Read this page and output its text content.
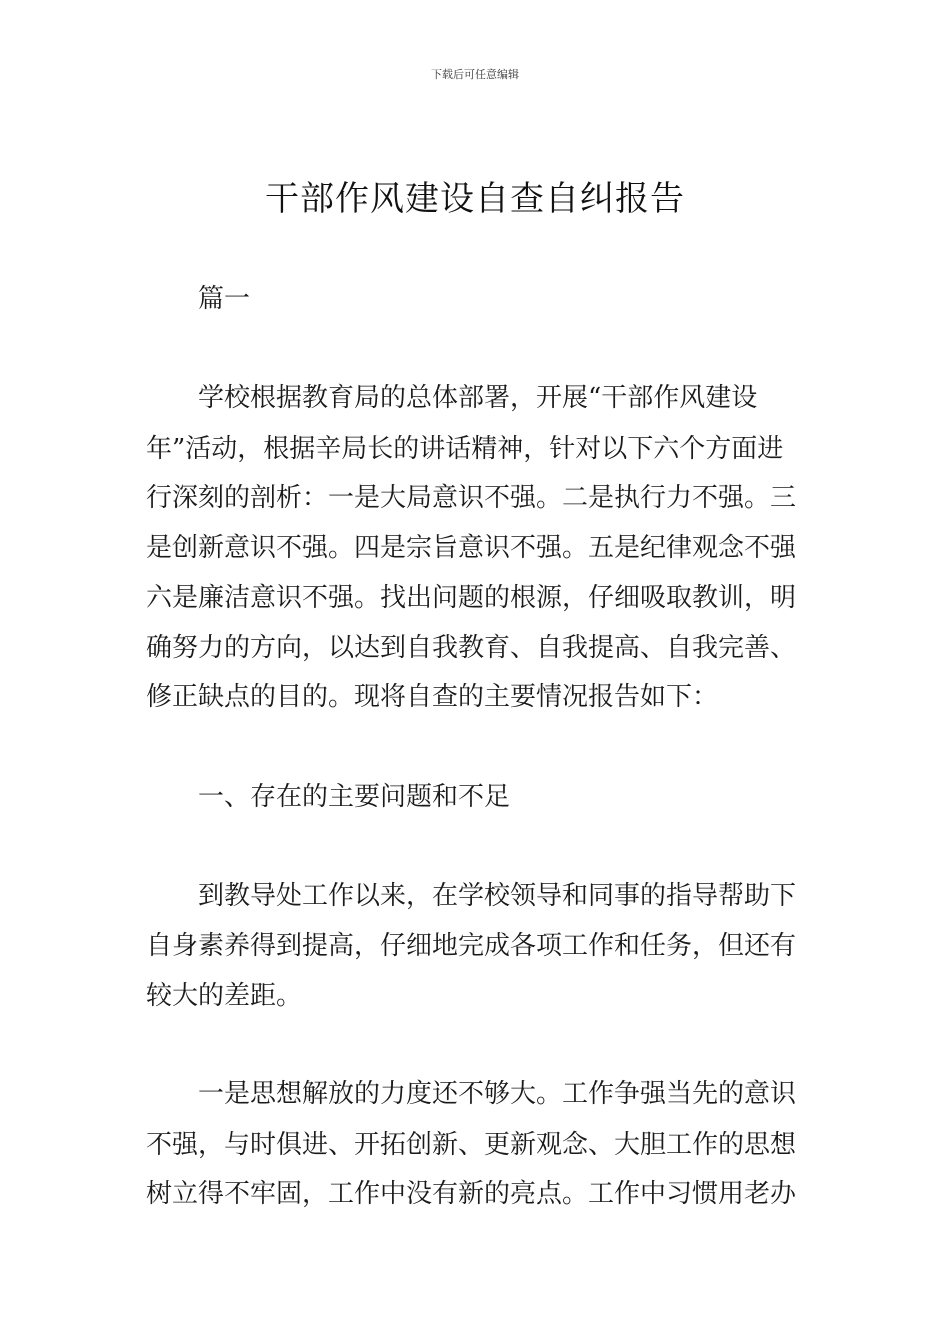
下载后可任意编辑
干部作风建设自查自纠报告
篇一
学校根据教育局的总体部署，开展“干部作风建设
年”活动，根据辛局长的讲话精神，针对以下六个方面进
行深刻的剖析：一是大局意识不强。二是执行力不强。三
是创新意识不强。四是宗旨意识不强。五是纪律观念不强
六是廉洁意识不强。找出问题的根源，仔细吸取教训，明
确努力的方向，以达到自我教育、自我提高、自我完善、
修正缺点的目的。现将自查的主要情况报告如下：
一、存在的主要问题和不足
到教导处工作以来，在学校领导和同事的指导帮助下
自身素养得到提高，仔细地完成各项工作和任务，但还有
较大的差距。
一是思想解放的力度还不够大。工作争强当先的意识
不强，与时俱进、开拓创新、更新观念、大胆工作的思想
树立得不牢固，工作中没有新的亮点。工作中习惯用老办
